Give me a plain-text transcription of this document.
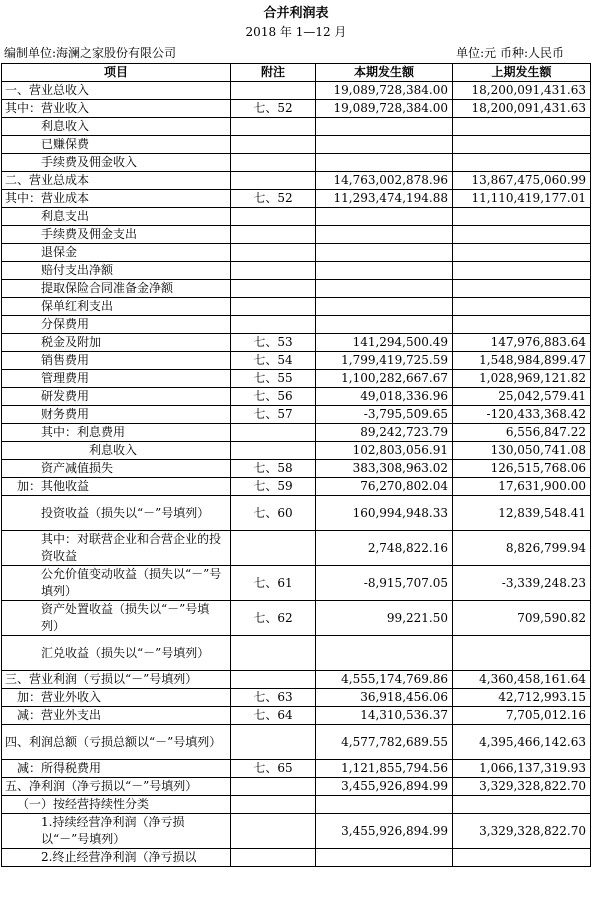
合并利润表
2018 年 1—12 月
编制单位:海澜之家股份有限公司	单位:元 币种:人民币
项目	附注	本期发生额	上期发生额
一、营业总收入		19,089,728,384.00	18,200,091,431.63
其中：营业收入	七、52	19,089,728,384.00	18,200,091,431.63
利息收入			
已赚保费			
手续费及佣金收入			
二、营业总成本		14,763,002,878.96	13,867,475,060.99
其中：营业成本	七、52	11,293,474,194.88	11,110,419,177.01
利息支出			
手续费及佣金支出			
退保金			
赔付支出净额			
提取保险合同准备金净额			
保单红利支出			
分保费用			
税金及附加	七、53	141,294,500.49	147,976,883.64
销售费用	七、54	1,799,419,725.59	1,548,984,899.47
管理费用	七、55	1,100,282,667.67	1,028,969,121.82
研发费用	七、56	49,018,336.96	25,042,579.41
财务费用	七、57	-3,795,509.65	-120,433,368.42
其中：利息费用		89,242,723.79	6,556,847.22
利息收入		102,803,056.91	130,050,741.08
资产减值损失	七、58	383,308,963.02	126,515,768.06
加：其他收益	七、59	76,270,802.04	17,631,900.00
投资收益（损失以“－”号填列）	七、60	160,994,948.33	12,839,548.41
其中：对联营企业和合营企业的投资收益		2,748,822.16	8,826,799.94
公允价值变动收益（损失以“－”号填列）	七、61	-8,915,707.05	-3,339,248.23
资产处置收益（损失以“－”号填列）	七、62	99,221.50	709,590.82
汇兑收益（损失以“－”号填列）			
三、营业利润（亏损以“－”号填列）		4,555,174,769.86	4,360,458,161.64
加：营业外收入	七、63	36,918,456.06	42,712,993.15
减：营业外支出	七、64	14,310,536.37	7,705,012.16
四、利润总额（亏损总额以“－”号填列）		4,577,782,689.55	4,395,466,142.63
减：所得税费用	七、65	1,121,855,794.56	1,066,137,319.93
五、净利润（净亏损以“－”号填列）		3,455,926,894.99	3,329,328,822.70
（一）按经营持续性分类			
1.持续经营净利润（净亏损以“－”号填列）		3,455,926,894.99	3,329,328,822.70
2.终止经营净利润（净亏损以			
